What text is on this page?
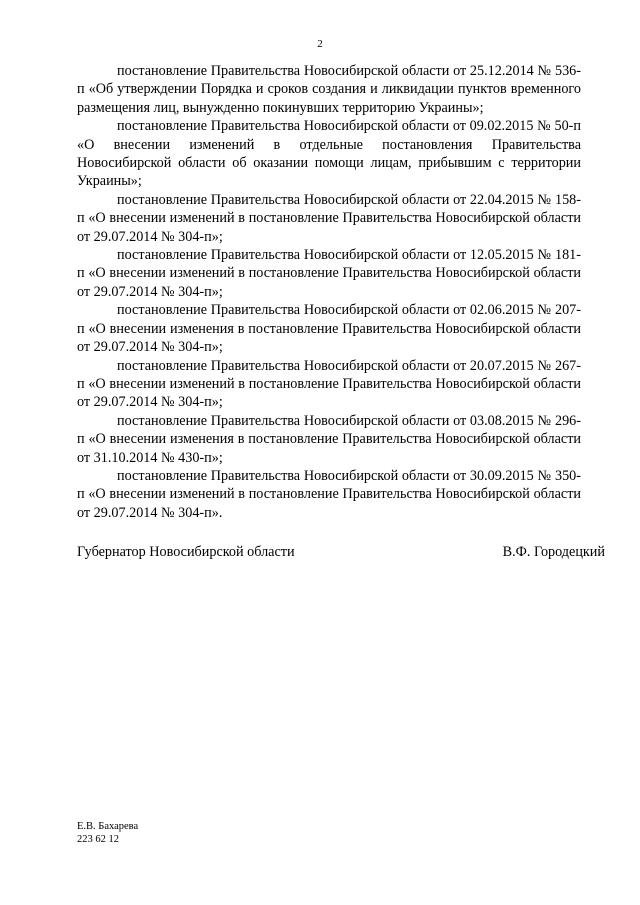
2

постановление Правительства Новосибирской области от 25.12.2014 № 536-п «Об утверждении Порядка и сроков создания и ликвидации пунктов временного размещения лиц, вынужденно покинувших территорию Украины»;

постановление Правительства Новосибирской области от 09.02.2015 № 50-п «О внесении изменений в отдельные постановления Правительства Новосибирской области об оказании помощи лицам, прибывшим с территории Украины»;

постановление Правительства Новосибирской области от 22.04.2015 № 158-п «О внесении изменений в постановление Правительства Новосибирской области от 29.07.2014 № 304-п»;

постановление Правительства Новосибирской области от 12.05.2015 № 181-п «О внесении изменений в постановление Правительства Новосибирской области от 29.07.2014 № 304-п»;

постановление Правительства Новосибирской области от 02.06.2015 № 207-п «О внесении изменения в постановление Правительства Новосибирской области от 29.07.2014 № 304-п»;

постановление Правительства Новосибирской области от 20.07.2015 № 267-п «О внесении изменений в постановление Правительства Новосибирской области от 29.07.2014 № 304-п»;

постановление Правительства Новосибирской области от 03.08.2015 № 296-п «О внесении изменения в постановление Правительства Новосибирской области от 31.10.2014 № 430-п»;

постановление Правительства Новосибирской области от 30.09.2015 № 350-п «О внесении изменений в постановление Правительства Новосибирской области от 29.07.2014 № 304-п».

Губернатор Новосибирской области	В.Ф. Городецкий
Е.В. Бахарева
223 62 12
